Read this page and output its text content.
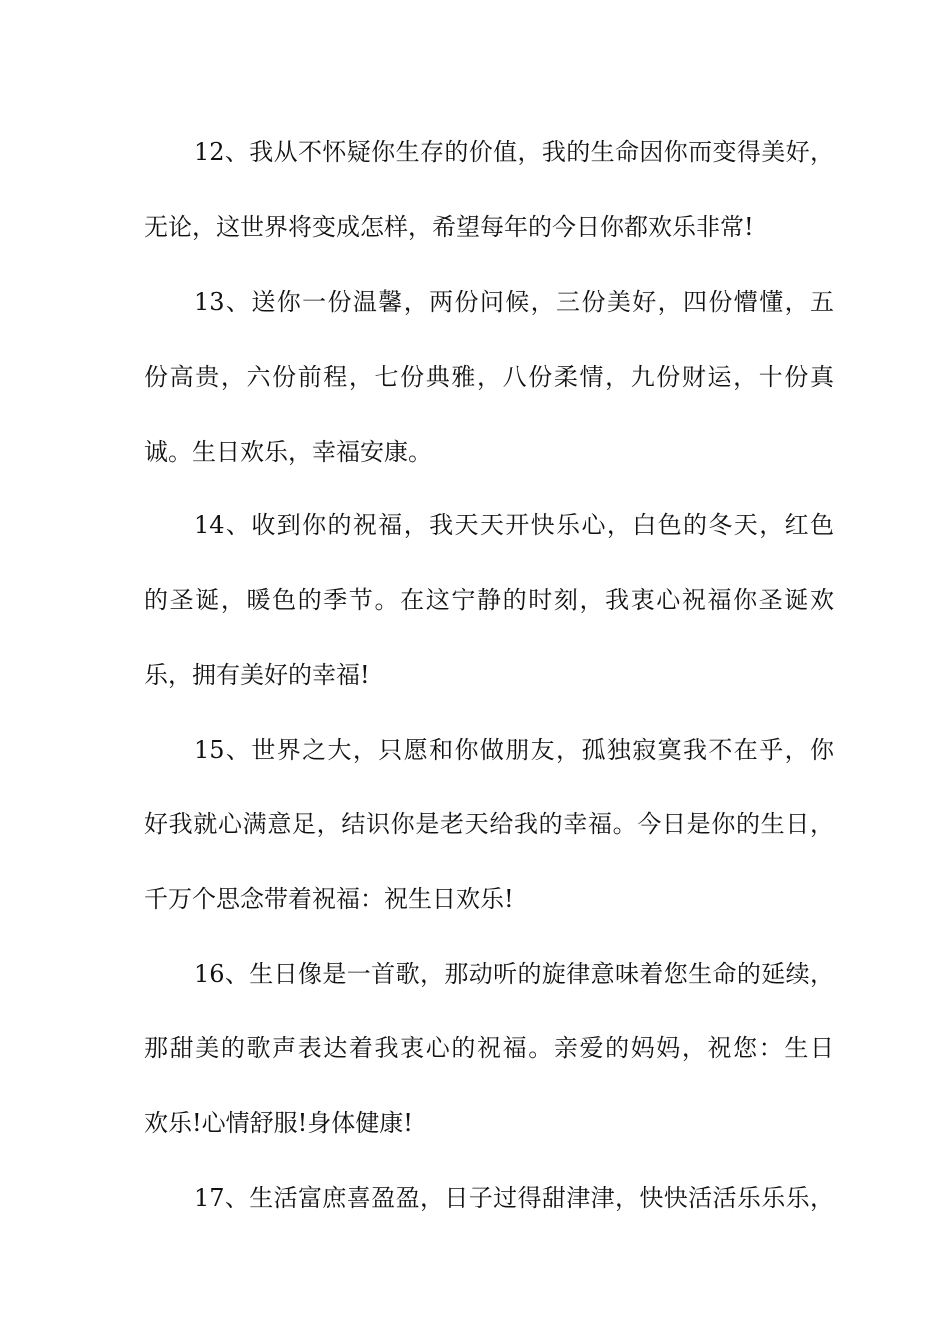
12、我从不怀疑你生存的价值，我的生命因你而变得美好，
无论，这世界将变成怎样，希望每年的今日你都欢乐非常!
13、送你一份温馨，两份问候，三份美好，四份懵懂，五
份高贵，六份前程，七份典雅，八份柔情，九份财运，十份真
诚。生日欢乐，幸福安康。
14、收到你的祝福，我天天开快乐心，白色的冬天，红色
的圣诞，暖色的季节。在这宁静的时刻，我衷心祝福你圣诞欢
乐，拥有美好的幸福!
15、世界之大，只愿和你做朋友，孤独寂寞我不在乎，你
好我就心满意足，结识你是老天给我的幸福。今日是你的生日，
千万个思念带着祝福：祝生日欢乐!
16、生日像是一首歌，那动听的旋律意味着您生命的延续，
那甜美的歌声表达着我衷心的祝福。亲爱的妈妈，祝您：生日
欢乐!心情舒服!身体健康!
17、生活富庶喜盈盈，日子过得甜津津，快快活活乐乐乐，
